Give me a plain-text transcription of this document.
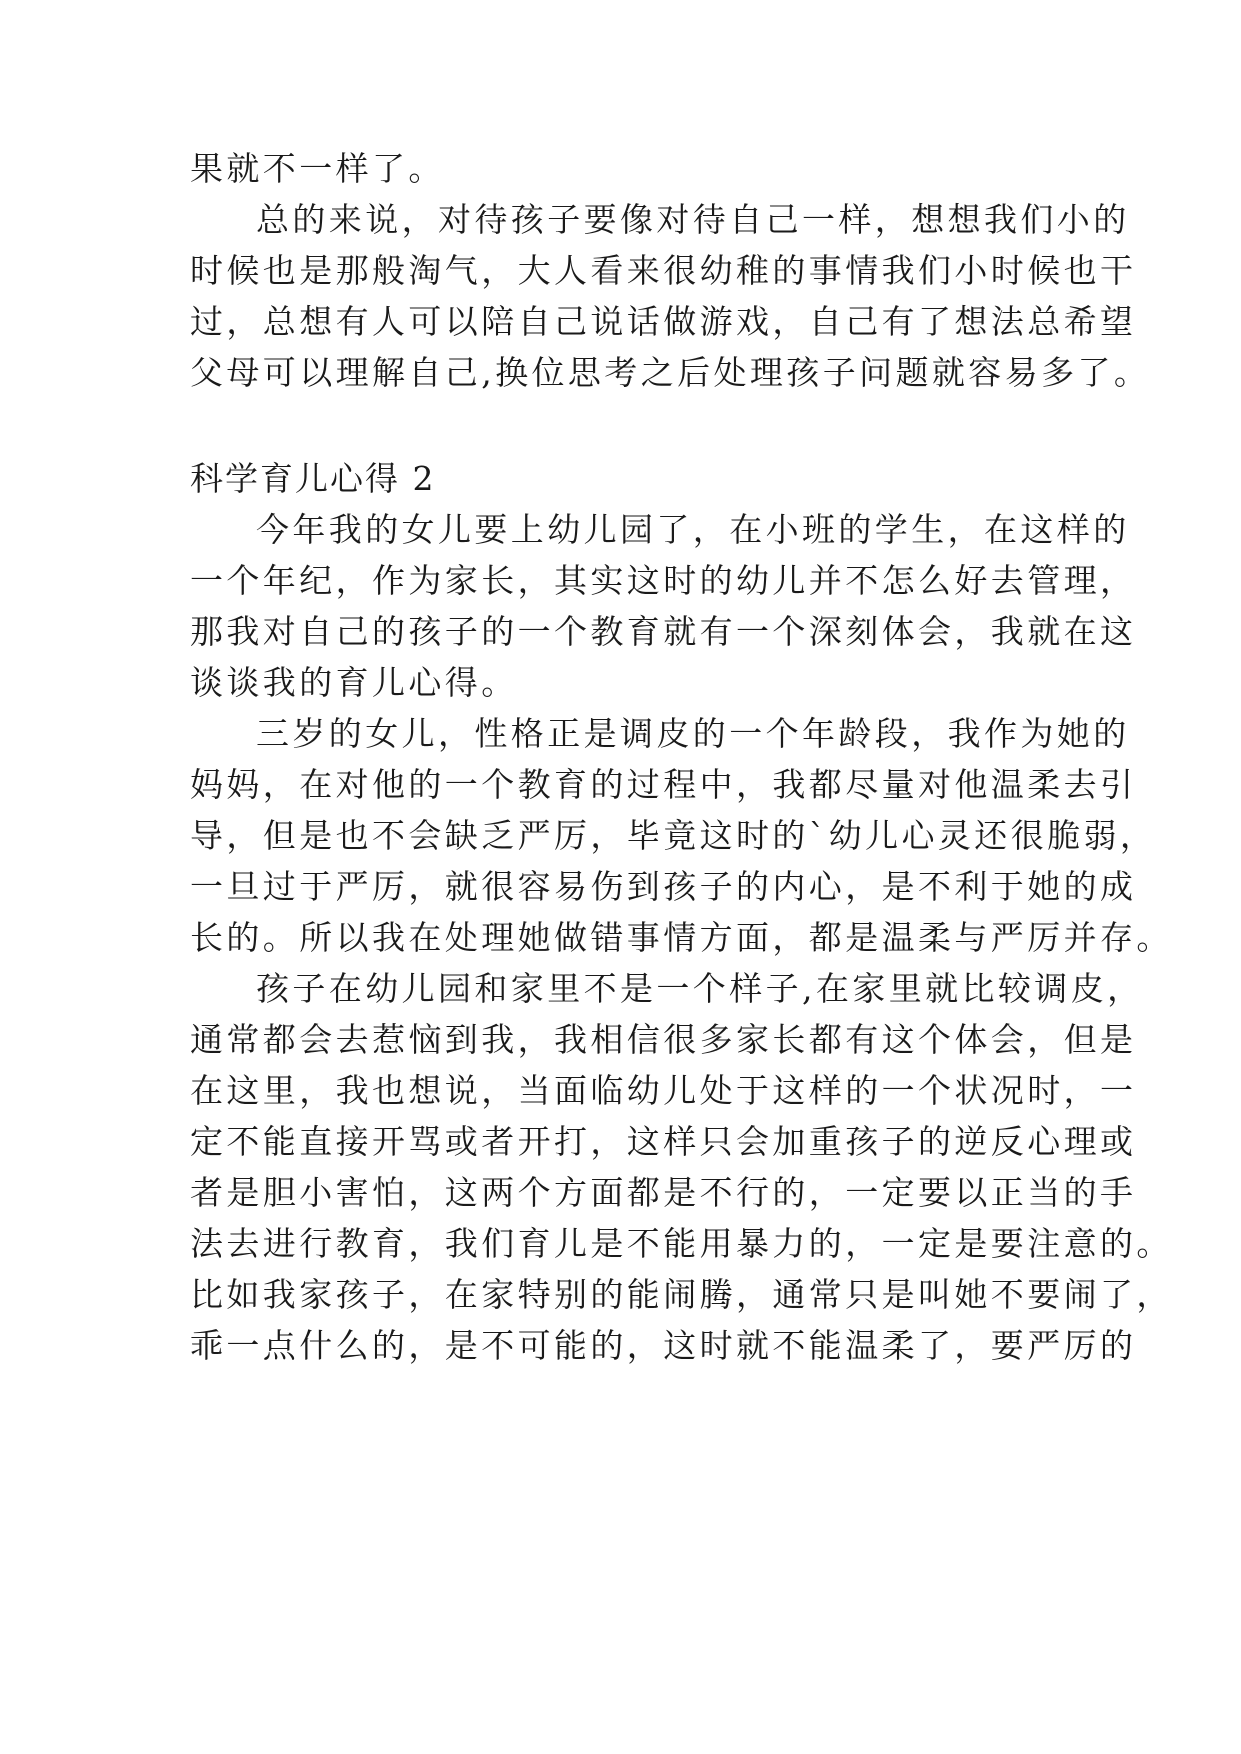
果就不一样了。
总的来说，对待孩子要像对待自己一样，想想我们小的
时候也是那般淘气，大人看来很幼稚的事情我们小时候也干
过，总想有人可以陪自己说话做游戏，自己有了想法总希望
父母可以理解自己,换位思考之后处理孩子问题就容易多了。
科学育儿心得 2
今年我的女儿要上幼儿园了，在小班的学生，在这样的
一个年纪，作为家长，其实这时的幼儿并不怎么好去管理，
那我对自己的孩子的一个教育就有一个深刻体会，我就在这
谈谈我的育儿心得。
三岁的女儿，性格正是调皮的一个年龄段，我作为她的
妈妈，在对他的一个教育的过程中，我都尽量对他温柔去引
导，但是也不会缺乏严厉，毕竟这时的`幼儿心灵还很脆弱，
一旦过于严厉，就很容易伤到孩子的内心，是不利于她的成
长的。所以我在处理她做错事情方面，都是温柔与严厉并存。
孩子在幼儿园和家里不是一个样子,在家里就比较调皮，
通常都会去惹恼到我，我相信很多家长都有这个体会，但是
在这里，我也想说，当面临幼儿处于这样的一个状况时，一
定不能直接开骂或者开打，这样只会加重孩子的逆反心理或
者是胆小害怕，这两个方面都是不行的，一定要以正当的手
法去进行教育，我们育儿是不能用暴力的，一定是要注意的。
比如我家孩子，在家特别的能闹腾，通常只是叫她不要闹了，
乖一点什么的，是不可能的，这时就不能温柔了，要严厉的
